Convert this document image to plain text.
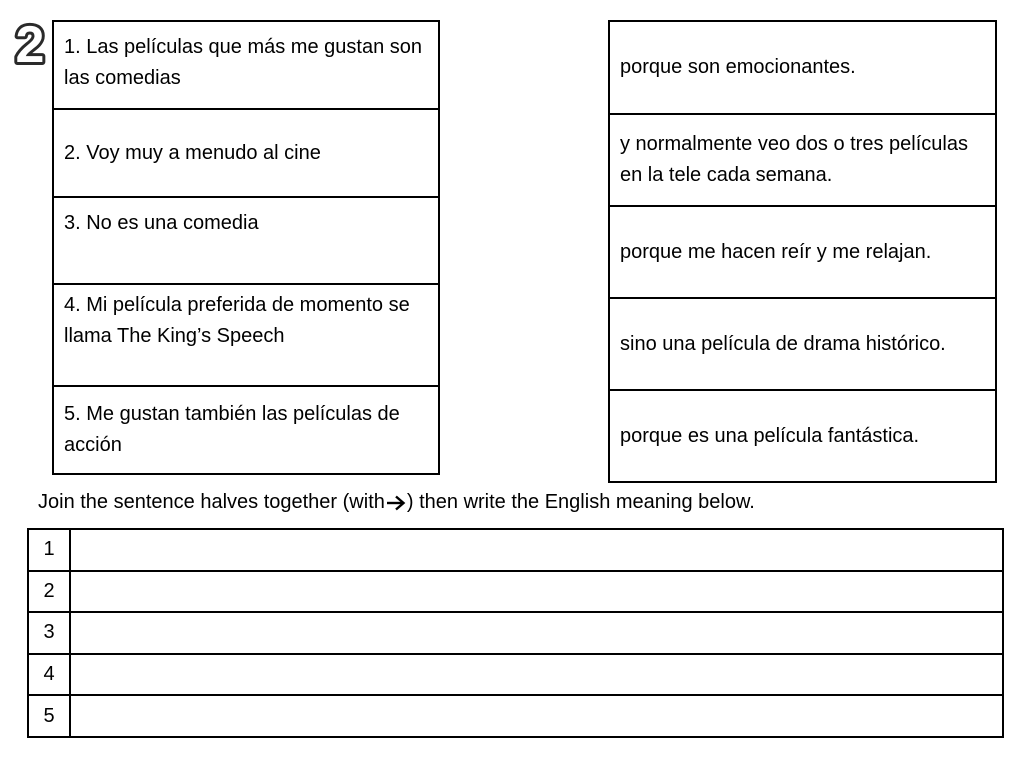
2 1. Las películas que más me gustan son las comedias
2. Voy muy a menudo al cine
3. No es una comedia
4. Mi película preferida de momento se llama The King’s Speech
5. Me gustan también las películas de acción
porque son emocionantes.
y normalmente veo dos o tres películas en la tele cada semana.
porque me hacen reír y me relajan.
sino una película de drama histórico.
porque es una película fantástica.
Join the sentence halves together (with ) then write the English meaning below.
1	
2	
3	
4	
5	
